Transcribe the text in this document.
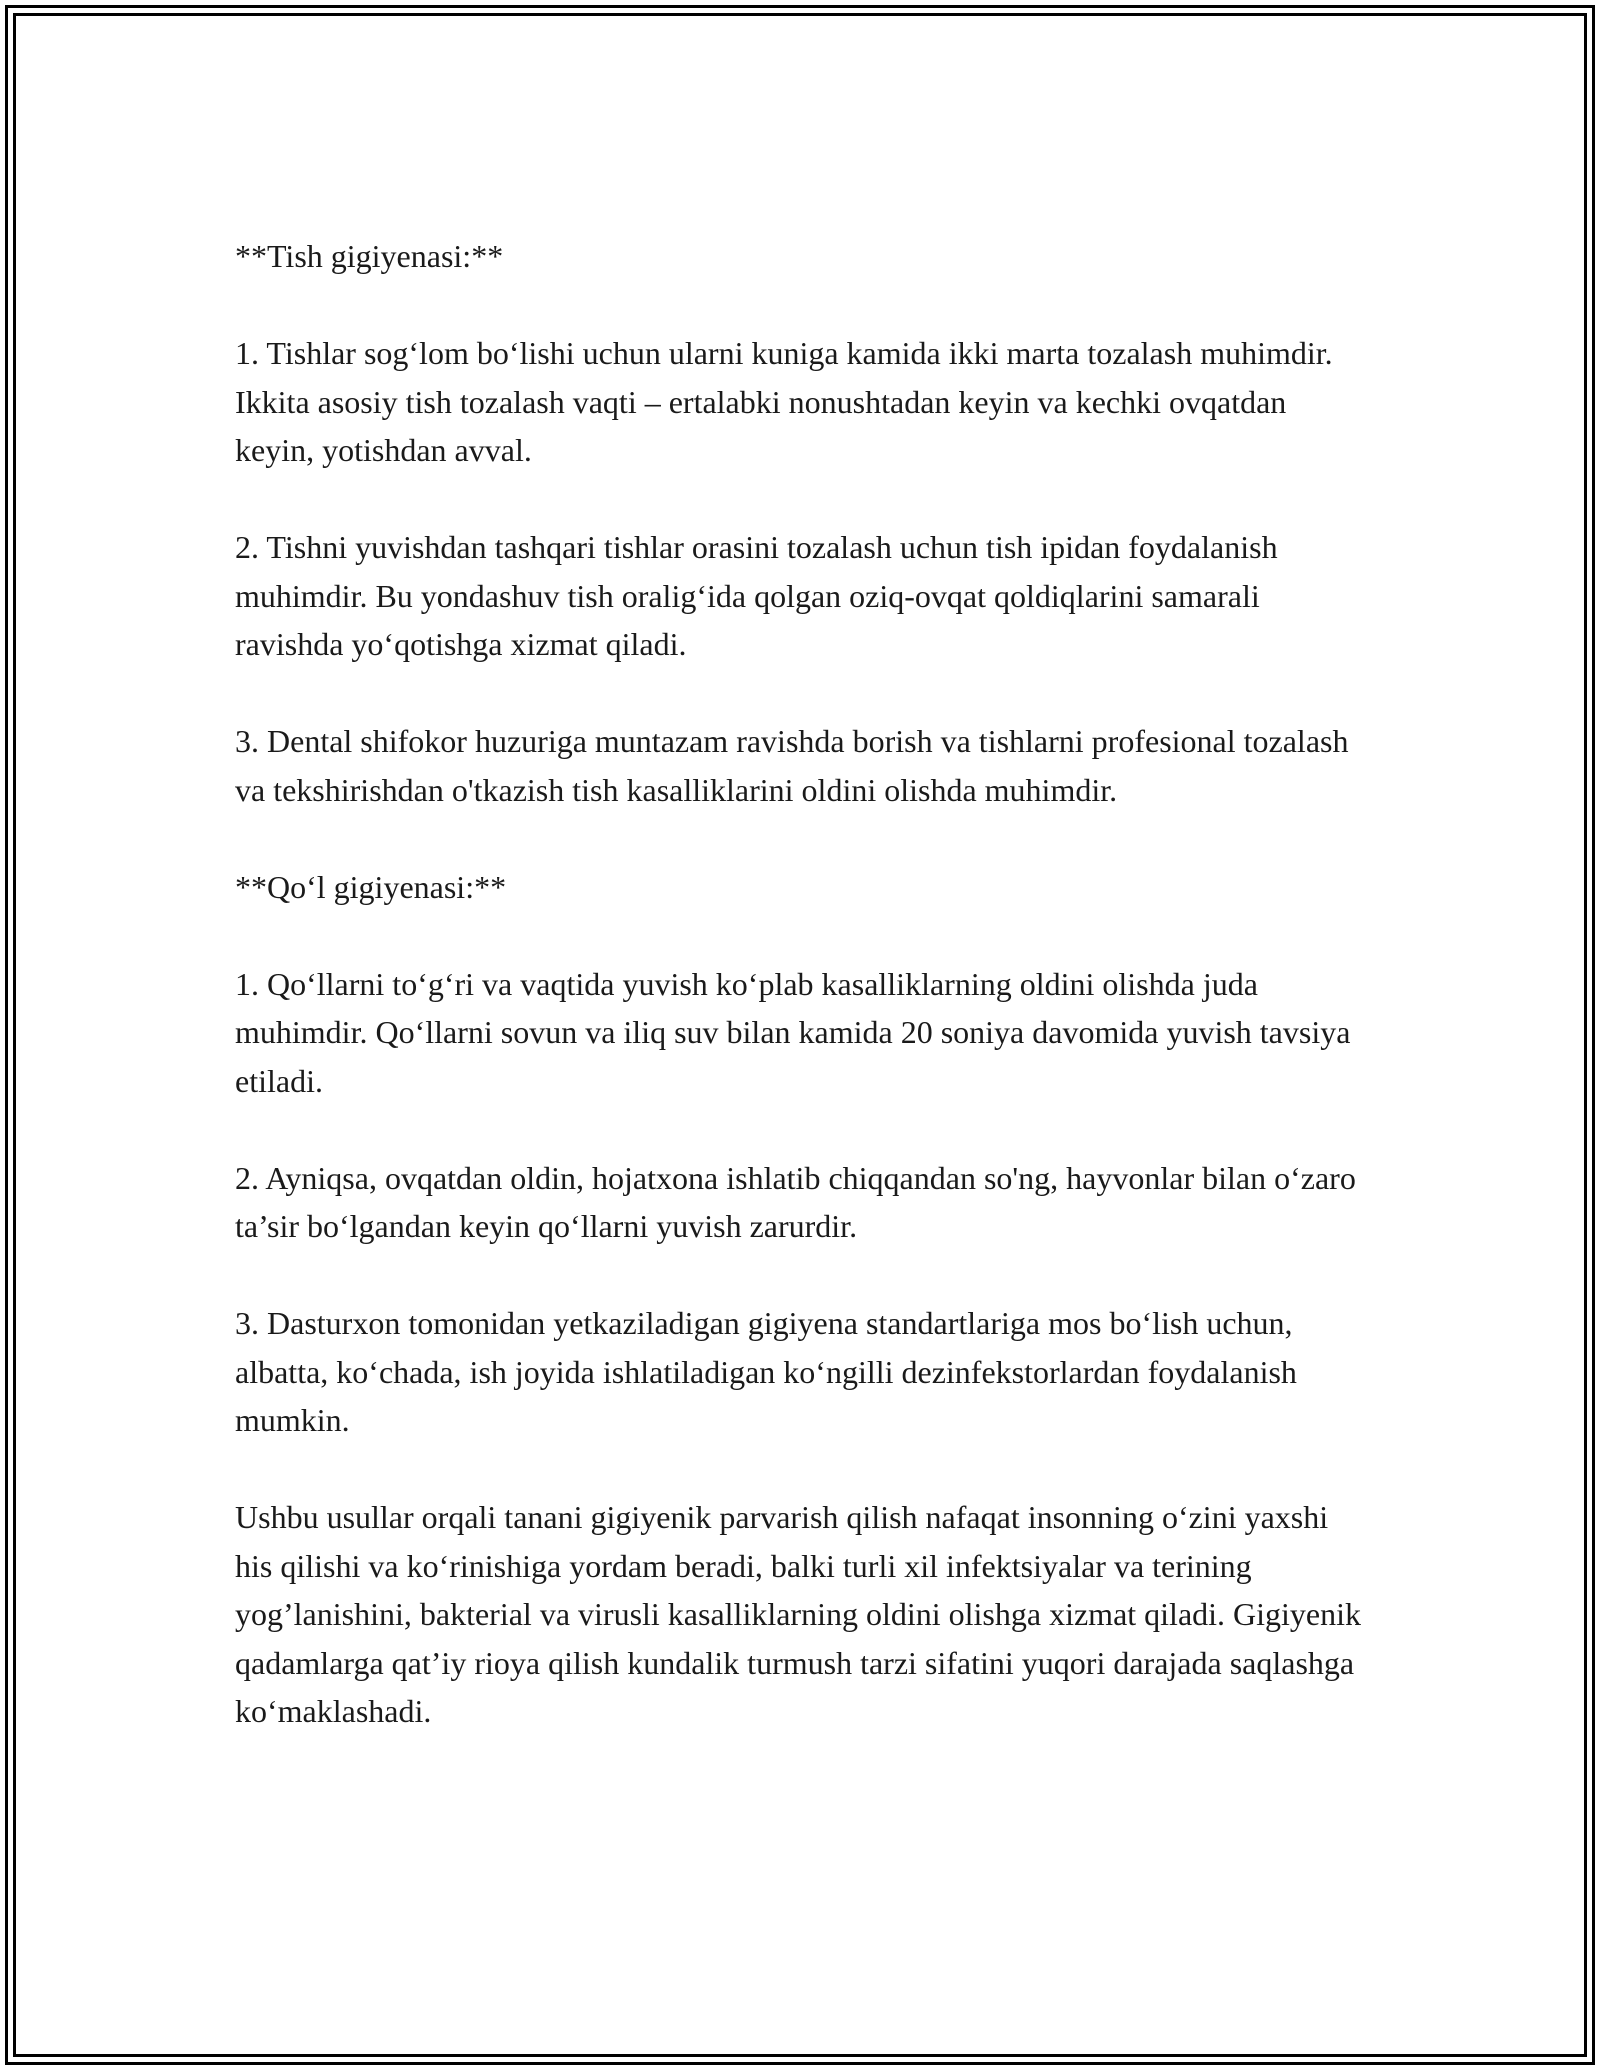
**Tish gigiyenasi:**

1. Tishlar sog‘lom bo‘lishi uchun ularni kuniga kamida ikki marta tozalash muhimdir. Ikkita asosiy tish tozalash vaqti – ertalabki nonushtadan keyin va kechki ovqatdan keyin, yotishdan avval.

2. Tishni yuvishdan tashqari tishlar orasini tozalash uchun tish ipidan foydalanish muhimdir. Bu yondashuv tish oralig‘ida qolgan oziq-ovqat qoldiqlarini samarali ravishda yo‘qotishga xizmat qiladi.

3. Dental shifokor huzuriga muntazam ravishda borish va tishlarni profesional tozalash va tekshirishdan o'tkazish tish kasalliklarini oldini olishda muhimdir.

**Qo‘l gigiyenasi:**

1. Qo‘llarni to‘g‘ri va vaqtida yuvish ko‘plab kasalliklarning oldini olishda juda muhimdir. Qo‘llarni sovun va iliq suv bilan kamida 20 soniya davomida yuvish tavsiya etiladi.

2. Ayniqsa, ovqatdan oldin, hojatxona ishlatib chiqqandan so'ng, hayvonlar bilan o‘zaro ta’sir bo‘lgandan keyin qo‘llarni yuvish zarurdir.

3. Dasturxon tomonidan yetkaziladigan gigiyena standartlariga mos bo‘lish uchun, albatta, ko‘chada, ish joyida ishlatiladigan ko‘ngilli dezinfekstorlardan foydalanish mumkin.

Ushbu usullar orqali tanani gigiyenik parvarish qilish nafaqat insonning o‘zini yaxshi his qilishi va ko‘rinishiga yordam beradi, balki turli xil infektsiyalar va terining yog’lanishini, bakterial va virusli kasalliklarning oldini olishga xizmat qiladi. Gigiyenik qadamlarga qat’iy rioya qilish kundalik turmush tarzi sifatini yuqori darajada saqlashga ko‘maklashadi.
